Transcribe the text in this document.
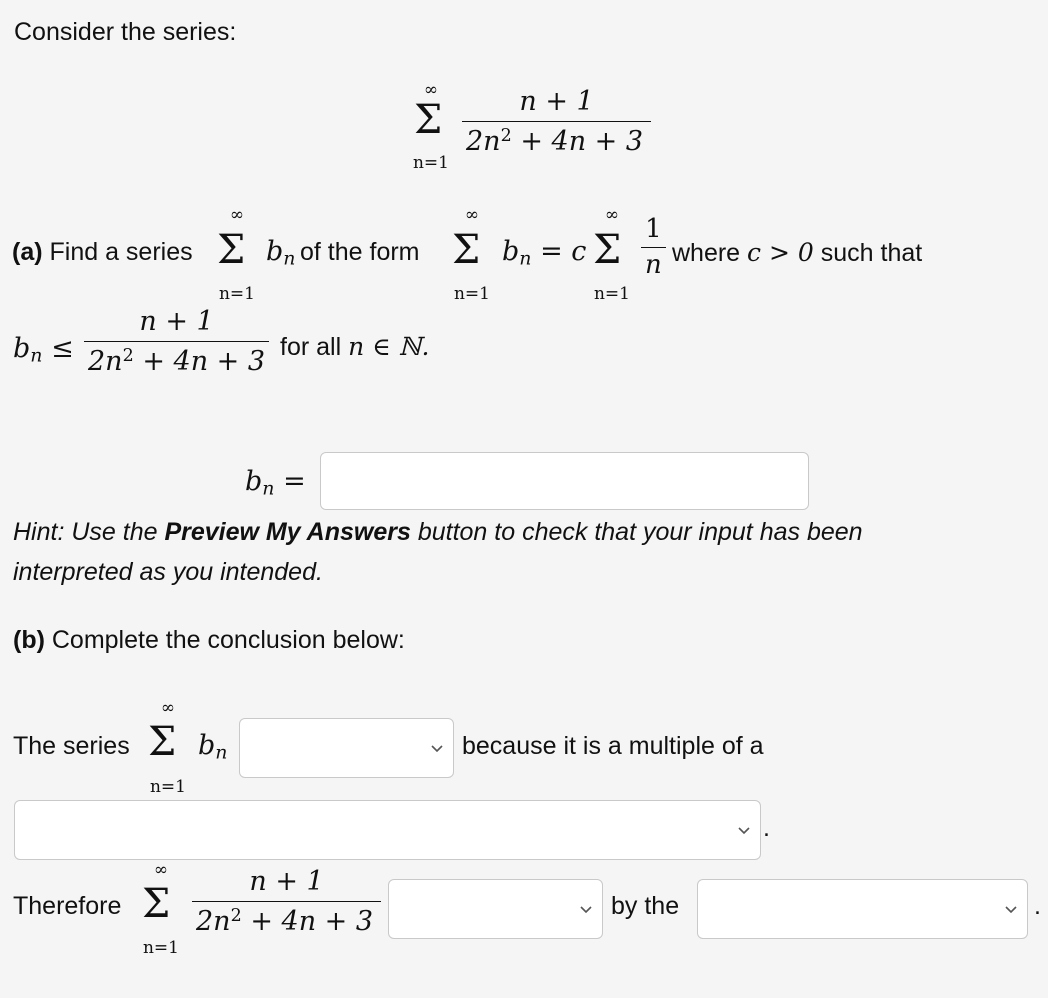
Consider the series:
∞
Σ
n=1
$\frac{n + 1}{2n^2 + 4n + 3}$
(a) Find a series
∞
Σ
n=1
$b_n$ of the form
∞
Σ
n=1
$b_n = c$
∞
Σ
n=1
$\frac{1}{n}$ where c > 0 such that
$b_n \le \frac{n + 1}{2n^2 + 4n + 3}$ for all n ∈ ℕ.
$b_n$ =
Hint: Use the Preview My Answers button to check that your input has been
interpreted as you intended.
(b) Complete the conclusion below:
The series
∞
Σ
n=1
$b_n$	because it is a multiple of a
.
Therefore
∞
Σ
n=1
$\frac{n + 1}{2n^2 + 4n + 3}$	by the	.
